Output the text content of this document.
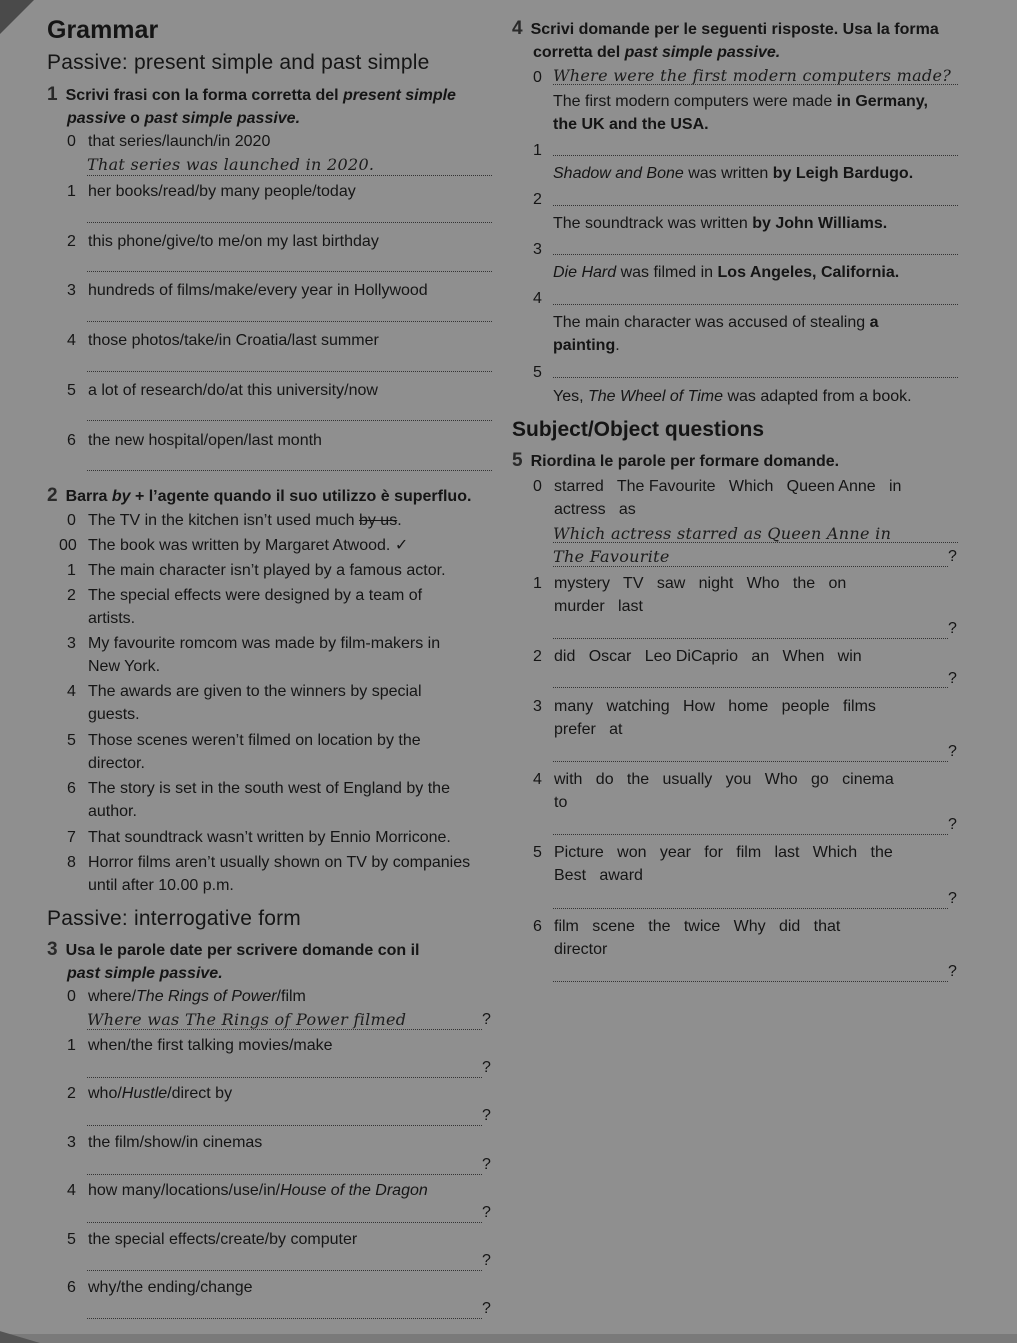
Grammar
Passive: present simple and past simple
1 Scrivi frasi con la forma corretta del present simple
passive o past simple passive.
0 that series/launch/in 2020
That series was launched in 2020.
1 her books/read/by many people/today
2 this phone/give/to me/on my last birthday
3 hundreds of films/make/every year in Hollywood
4 those photos/take/in Croatia/last summer
5 a lot of research/do/at this university/now
6 the new hospital/open/last month
2 Barra by + l’agente quando il suo utilizzo è superfluo.
0 The TV in the kitchen isn’t used much by us.
00 The book was written by Margaret Atwood. ✓
1 The main character isn’t played by a famous actor.
2 The special effects were designed by a team of
artists.
3 My favourite romcom was made by film-makers in
New York.
4 The awards are given to the winners by special
guests.
5 Those scenes weren’t filmed on location by the
director.
6 The story is set in the south west of England by the
author.
7 That soundtrack wasn’t written by Ennio Morricone.
8 Horror films aren’t usually shown on TV by companies
until after 10.00 p.m.
Passive: interrogative form
3 Usa le parole date per scrivere domande con il
past simple passive.
0 where/The Rings of Power/film
Where was The Rings of Power filmed	?
1 when/the first talking movies/make
?
2 who/Hustle/direct by
?
3 the film/show/in cinemas
?
4 how many/locations/use/in/House of the Dragon
?
5 the special effects/create/by computer
?
6 why/the ending/change
?
4 Scrivi domande per le seguenti risposte. Usa la forma
corretta del past simple passive.
0 Where were the first modern computers made?
The first modern computers were made in Germany,
the UK and the USA.
1
Shadow and Bone was written by Leigh Bardugo.
2
The soundtrack was written by John Williams.
3
Die Hard was filmed in Los Angeles, California.
4
The main character was accused of stealing a
painting.
5
Yes, The Wheel of Time was adapted from a book.
Subject/Object questions
5 Riordina le parole per formare domande.
0 starred   The Favourite   Which   Queen Anne   in
actress   as
Which actress starred as Queen Anne in
The Favourite	?
1 mystery   TV   saw   night   Who   the   on
murder   last
?
2 did   Oscar   Leo DiCaprio   an   When   win
?
3 many   watching   How   home   people   films
prefer   at
?
4 with   do   the   usually   you   Who   go   cinema
to
?
5 Picture   won   year   for   film   last   Which   the
Best   award
?
6 film   scene   the   twice   Why   did   that
director
?
